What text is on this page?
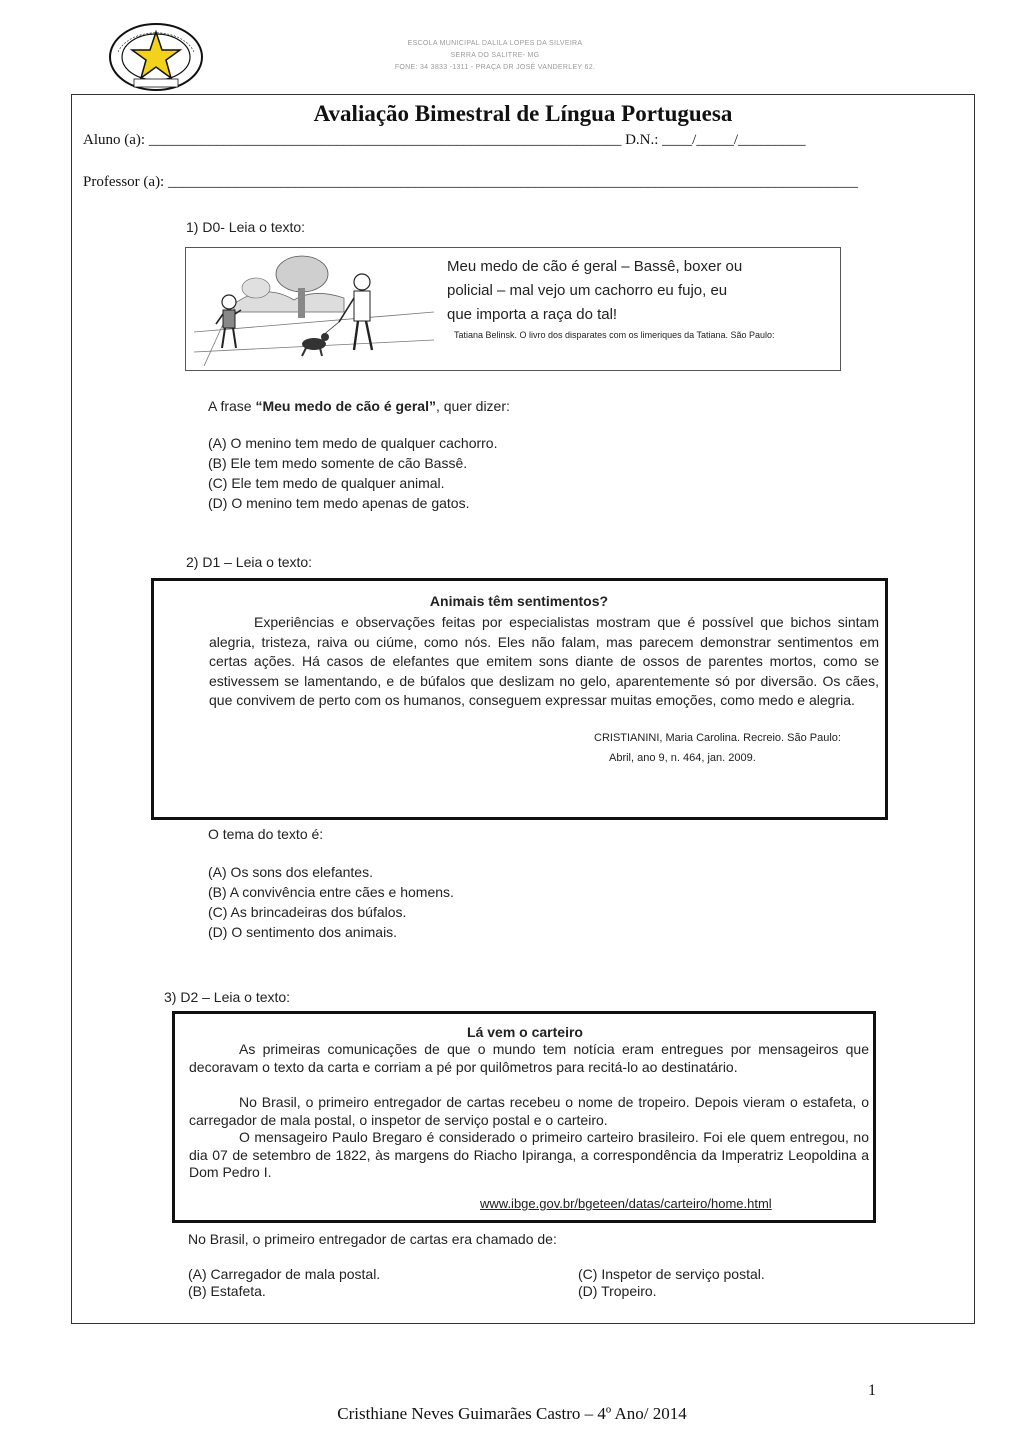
ESCOLA MUNICIPAL DALILA LOPES DA SILVEIRA
SERRA DO SALITRE- MG
FONE: 34 3833 -1311 - PRAÇA DR JOSÉ VANDERLEY 62.
Avaliação Bimestral de Língua Portuguesa
Aluno (a): _______________________________________________________________ D.N.: ____/_____/_________
Professor (a): ____________________________________________________________________________________________
1) D0- Leia o texto:
Meu medo de cão é geral – Bassê, boxer ou
policial – mal vejo um cachorro eu fujo, eu
que importa a raça do tal!
Tatiana Belinsk. O livro dos disparates com os limeriques da Tatiana. São Paulo:
A frase “Meu medo de cão é geral”, quer dizer:
(A) O menino tem medo de qualquer cachorro.
(B) Ele tem medo somente de cão Bassê.
(C) Ele tem medo de qualquer animal.
(D) O menino tem medo apenas de gatos.
2) D1 – Leia o texto:
Animais têm sentimentos?
Experiências e observações feitas por especialistas mostram que é possível que bichos sintam alegria, tristeza, raiva ou ciúme, como nós. Eles não falam, mas parecem demonstrar sentimentos em certas ações. Há casos de elefantes que emitem sons diante de ossos de parentes mortos, como se estivessem se lamentando, e de búfalos que deslizam no gelo, aparentemente só por diversão. Os cães, que convivem de perto com os humanos, conseguem expressar muitas emoções, como medo e alegria.
CRISTIANINI, Maria Carolina. Recreio. São Paulo:
Abril, ano 9, n. 464, jan. 2009.
O tema do texto é:
(A) Os sons dos elefantes.
(B) A convivência entre cães e homens.
(C) As brincadeiras dos búfalos.
(D) O sentimento dos animais.
3) D2 – Leia o texto:
Lá vem o carteiro
As primeiras comunicações de que o mundo tem notícia eram entregues por mensageiros que decoravam o texto da carta e corriam a pé por quilômetros para recitá-lo ao destinatário.
No Brasil, o primeiro entregador de cartas recebeu o nome de tropeiro. Depois vieram o estafeta, o carregador de mala postal, o inspetor de serviço postal e o carteiro.
O mensageiro Paulo Bregaro é considerado o primeiro carteiro brasileiro. Foi ele quem entregou, no dia 07 de setembro de 1822, às margens do Riacho Ipiranga, a correspondência da Imperatriz Leopoldina a Dom Pedro I.
www.ibge.gov.br/bgeteen/datas/carteiro/home.html
No Brasil, o primeiro entregador de cartas era chamado de:
(A) Carregador de mala postal.
(B) Estafeta.
(C) Inspetor de serviço postal.
(D) Tropeiro.
1
Cristhiane Neves Guimarães Castro – 4º Ano/ 2014
